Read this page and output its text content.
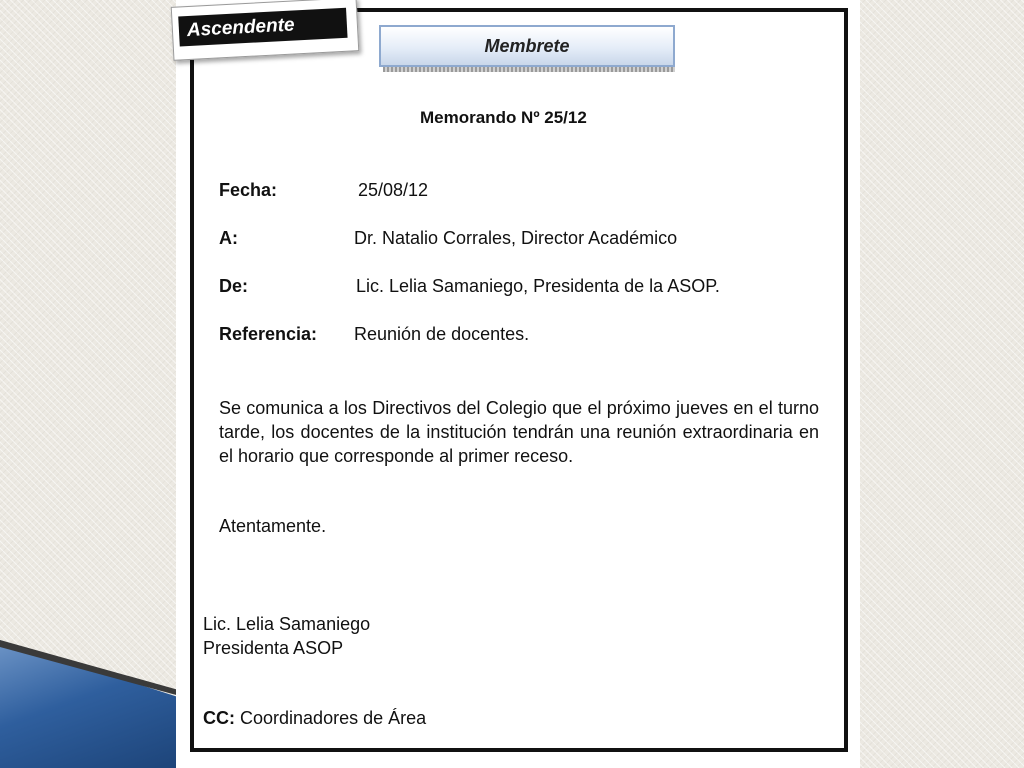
Ascendente
Membrete
Memorando Nº 25/12
Fecha:	25/08/12
A:	Dr. Natalio Corrales, Director Académico
De:	Lic. Lelia Samaniego, Presidenta de la ASOP.
Referencia: Reunión de docentes.
Se comunica a los Directivos del Colegio que el próximo jueves en el turno tarde, los docentes de la institución tendrán una reunión extraordinaria en el horario que corresponde al primer receso.
Atentamente.
Lic. Lelia Samaniego
Presidenta ASOP
CC: Coordinadores de Área
